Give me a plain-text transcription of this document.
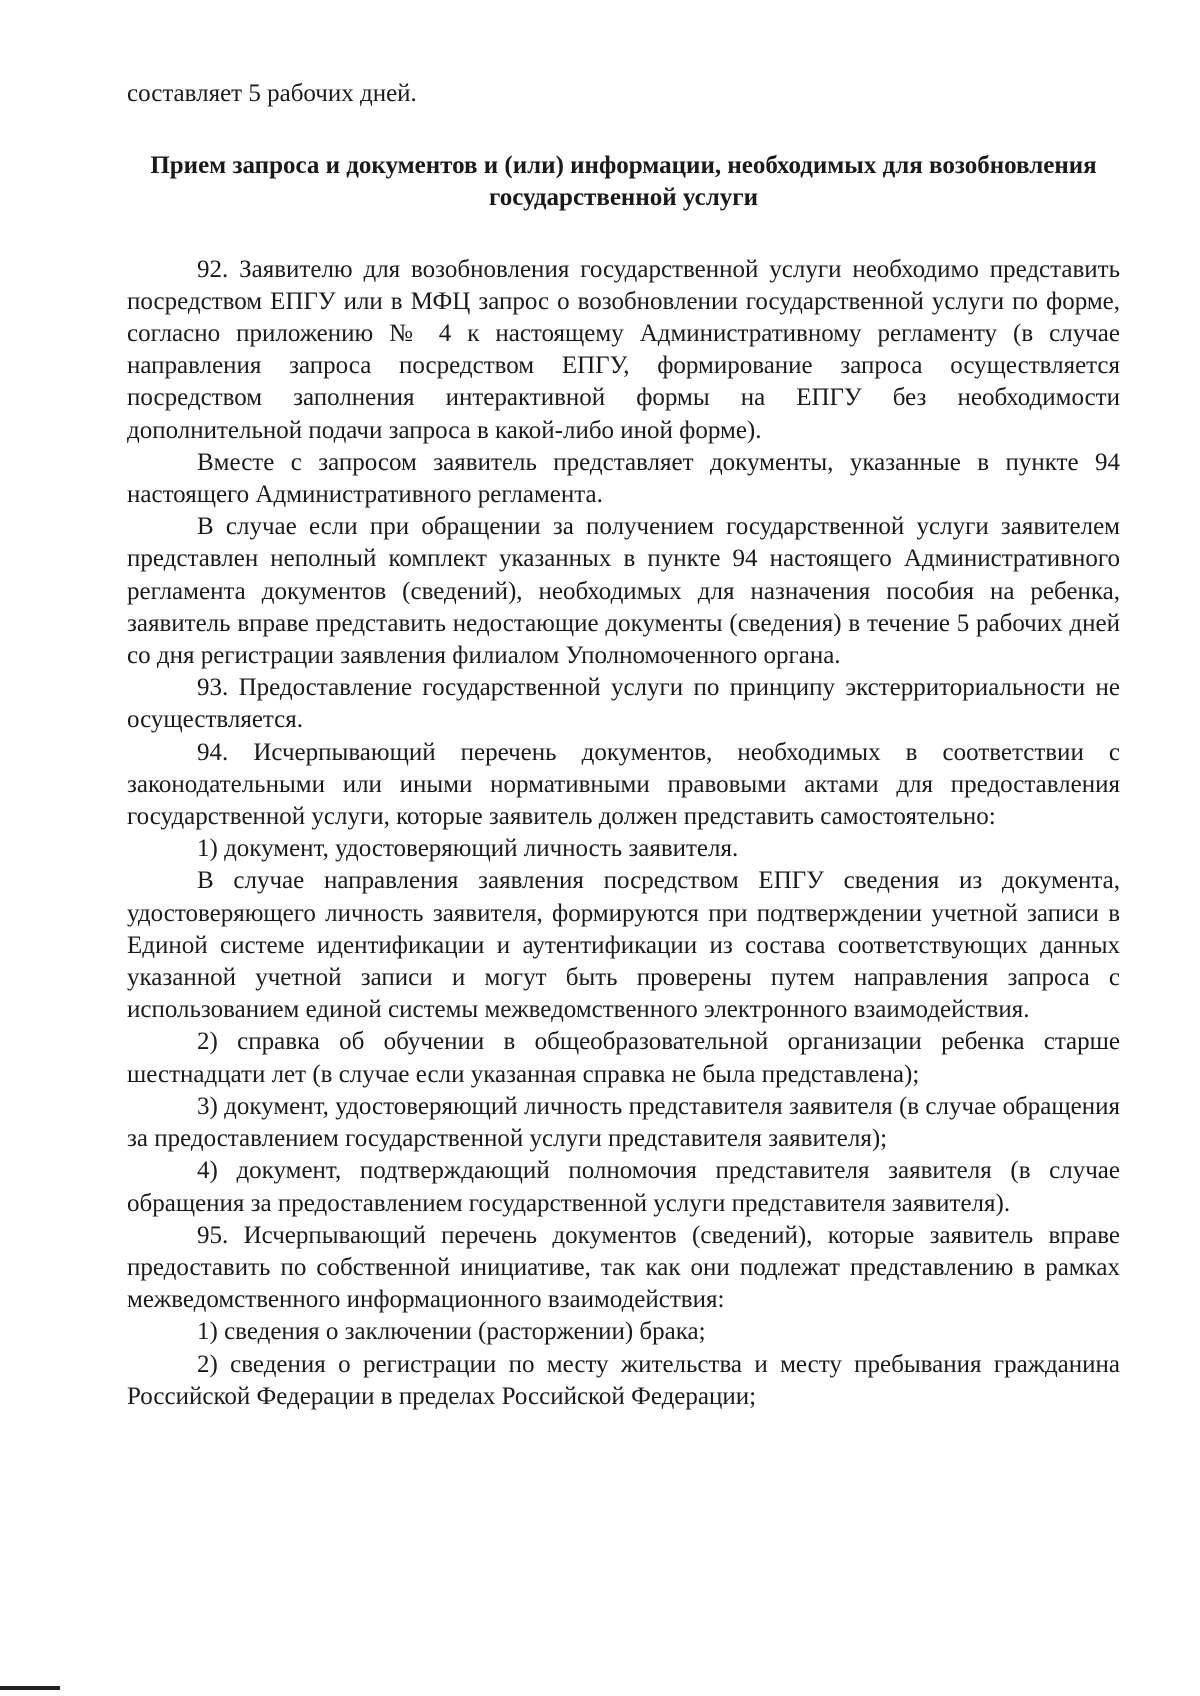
составляет 5 рабочих дней.

Прием запроса и документов и (или) информации, необходимых для возобновления государственной услуги

92. Заявителю для возобновления государственной услуги необходимо представить посредством ЕПГУ или в МФЦ запрос о возобновлении государственной услуги по форме, согласно приложению № 4 к настоящему Административному регламенту (в случае направления запроса посредством ЕПГУ, формирование запроса осуществляется посредством заполнения интерактивной формы на ЕПГУ без необходимости дополнительной подачи запроса в какой-либо иной форме).

Вместе с запросом заявитель представляет документы, указанные в пункте 94 настоящего Административного регламента.

В случае если при обращении за получением государственной услуги заявителем представлен неполный комплект указанных в пункте 94 настоящего Административного регламента документов (сведений), необходимых для назначения пособия на ребенка, заявитель вправе представить недостающие документы (сведения) в течение 5 рабочих дней со дня регистрации заявления филиалом Уполномоченного органа.

93. Предоставление государственной услуги по принципу экстерриториальности не осуществляется.

94. Исчерпывающий перечень документов, необходимых в соответствии с законодательными или иными нормативными правовыми актами для предоставления государственной услуги, которые заявитель должен представить самостоятельно:

1) документ, удостоверяющий личность заявителя.

В случае направления заявления посредством ЕПГУ сведения из документа, удостоверяющего личность заявителя, формируются при подтверждении учетной записи в Единой системе идентификации и аутентификации из состава соответствующих данных указанной учетной записи и могут быть проверены путем направления запроса с использованием единой системы межведомственного электронного взаимодействия.

2) справка об обучении в общеобразовательной организации ребенка старше шестнадцати лет (в случае если указанная справка не была представлена);

3) документ, удостоверяющий личность представителя заявителя (в случае обращения за предоставлением государственной услуги представителя заявителя);

4) документ, подтверждающий полномочия представителя заявителя (в случае обращения за предоставлением государственной услуги представителя заявителя).

95. Исчерпывающий перечень документов (сведений), которые заявитель вправе предоставить по собственной инициативе, так как они подлежат представлению в рамках межведомственного информационного взаимодействия:

1) сведения о заключении (расторжении) брака;

2) сведения о регистрации по месту жительства и месту пребывания гражданина Российской Федерации в пределах Российской Федерации;
